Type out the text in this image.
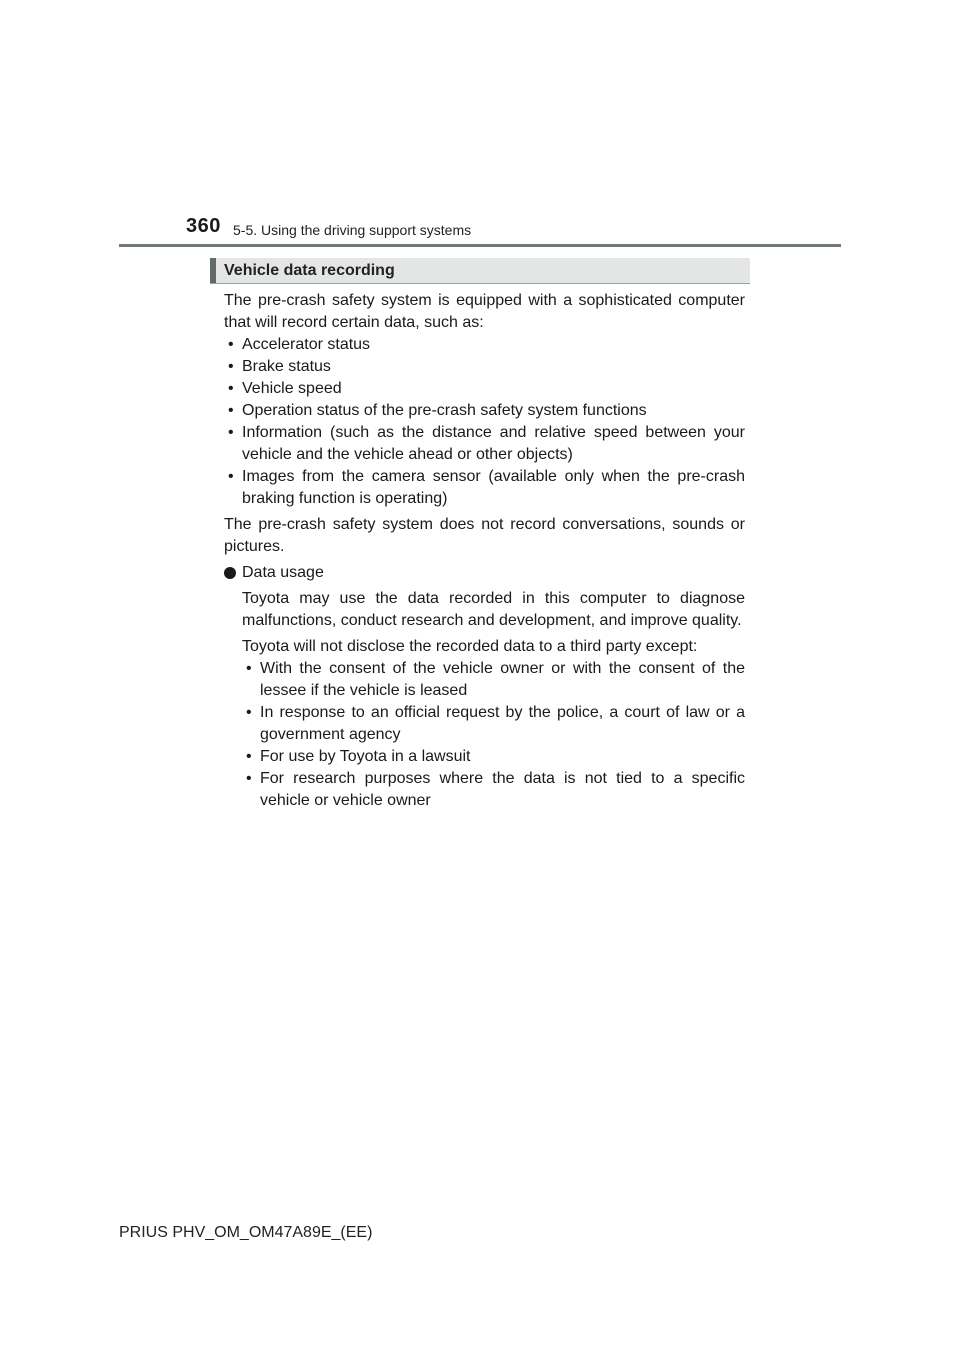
360 5-5. Using the driving support systems
Vehicle data recording

The pre-crash safety system is equipped with a sophisticated computer that will record certain data, such as:

• Accelerator status
• Brake status
• Vehicle speed
• Operation status of the pre-crash safety system functions
• Information (such as the distance and relative speed between your vehicle and the vehicle ahead or other objects)
• Images from the camera sensor (available only when the pre-crash braking function is operating)

The pre-crash safety system does not record conversations, sounds or pictures.

Data usage

Toyota may use the data recorded in this computer to diagnose malfunctions, conduct research and development, and improve quality.

Toyota will not disclose the recorded data to a third party except:

• With the consent of the vehicle owner or with the consent of the lessee if the vehicle is leased
• In response to an official request by the police, a court of law or a government agency
• For use by Toyota in a lawsuit
• For research purposes where the data is not tied to a specific vehicle or vehicle owner
PRIUS PHV_OM_OM47A89E_(EE)
